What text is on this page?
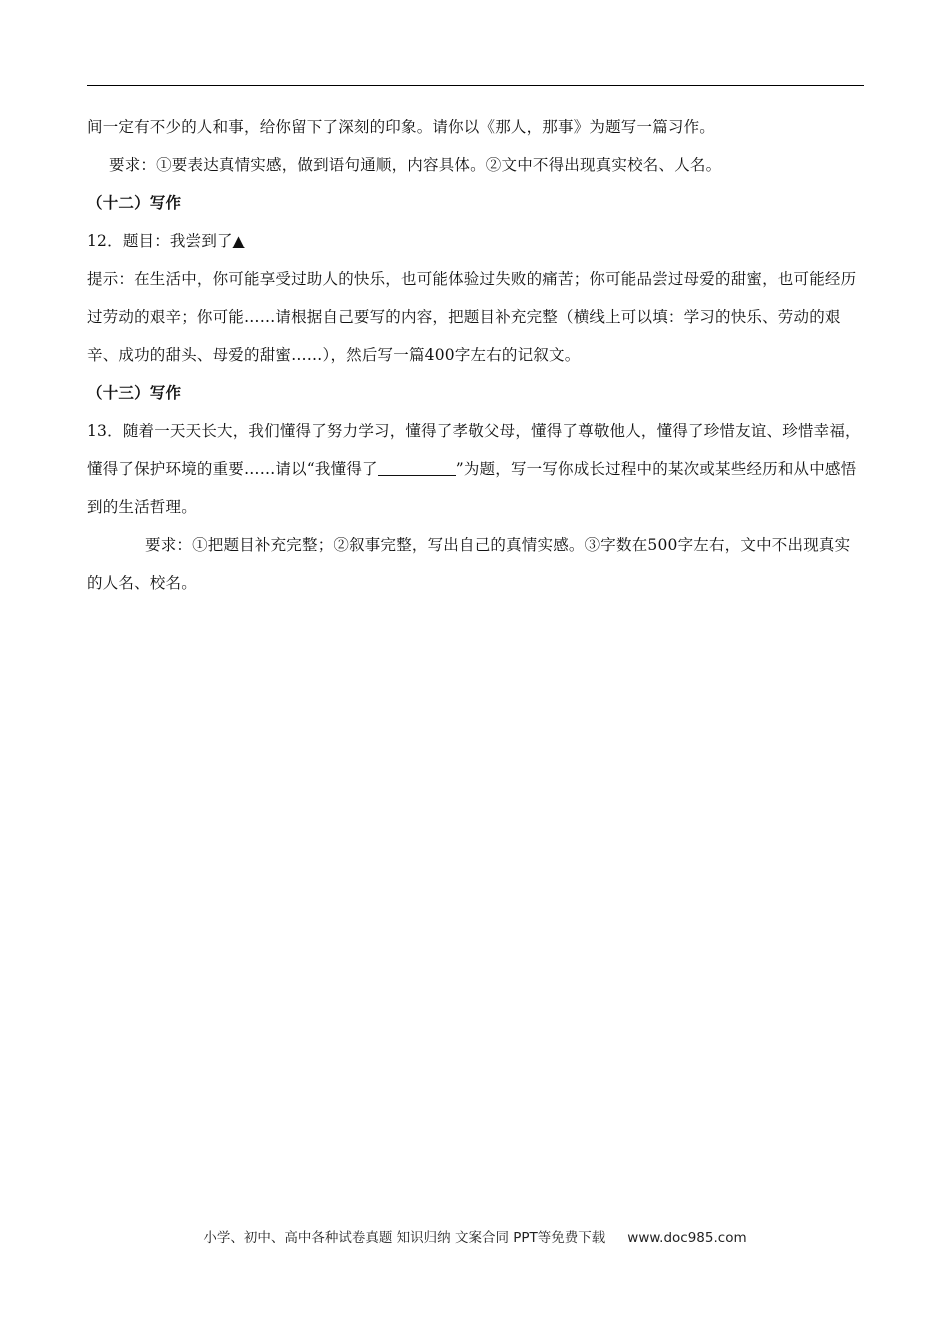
间一定有不少的人和事，给你留下了深刻的印象。请你以《那人，那事》为题写一篇习作。

要求：①要表达真情实感，做到语句通顺，内容具体。②文中不得出现真实校名、人名。

（十二）写作

12．题目：我尝到了▲

提示：在生活中，你可能享受过助人的快乐，也可能体验过失败的痛苦；你可能品尝过母爱的甜蜜，也可能经历过劳动的艰辛；你可能……请根据自己要写的内容，把题目补充完整（横线上可以填：学习的快乐、劳动的艰辛、成功的甜头、母爱的甜蜜……），然后写一篇400字左右的记叙文。

（十三）写作

13．随着一天天长大，我们懂得了努力学习，懂得了孝敬父母，懂得了尊敬他人，懂得了珍惜友谊、珍惜幸福，懂得了保护环境的重要……请以“我懂得了	”为题，写一写你成长过程中的某次或某些经历和从中感悟到的生活哲理。

要求：①把题目补充完整；②叙事完整，写出自己的真情实感。③字数在500字左右，文中不出现真实的人名、校名。

小学、初中、高中各种试卷真题 知识归纳 文案合同 PPT等免费下载 www.doc985.com
